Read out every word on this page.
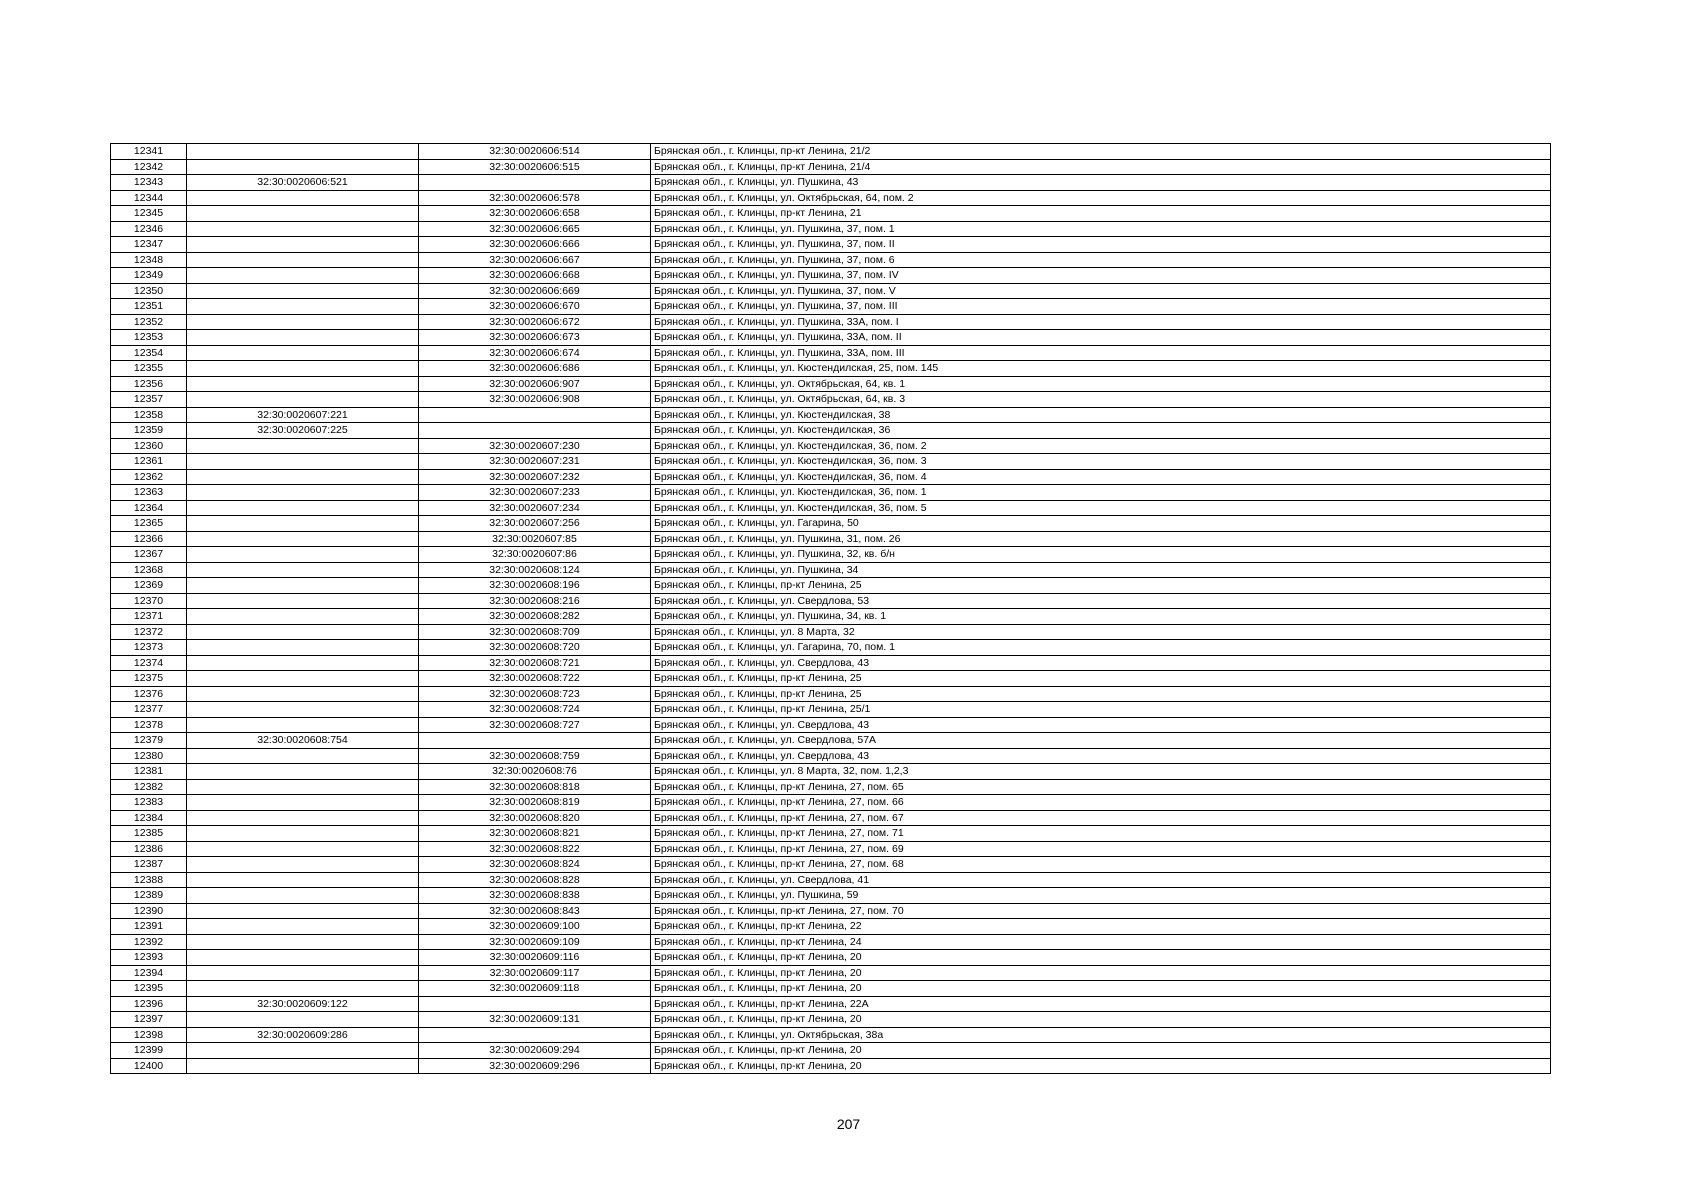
12341		32:30:0020606:514	Брянская обл., г. Клинцы, пр-кт Ленина, 21/2
12342		32:30:0020606:515	Брянская обл., г. Клинцы, пр-кт Ленина, 21/4
12343	32:30:0020606:521		Брянская обл., г. Клинцы, ул. Пушкина, 43
12344		32:30:0020606:578	Брянская обл., г. Клинцы, ул. Октябрьская, 64, пом. 2
12345		32:30:0020606:658	Брянская обл., г. Клинцы, пр-кт Ленина, 21
12346		32:30:0020606:665	Брянская обл., г. Клинцы, ул. Пушкина, 37, пом. 1
12347		32:30:0020606:666	Брянская обл., г. Клинцы, ул. Пушкина, 37, пом. II
12348		32:30:0020606:667	Брянская обл., г. Клинцы, ул. Пушкина, 37, пом. 6
12349		32:30:0020606:668	Брянская обл., г. Клинцы, ул. Пушкина, 37, пом. IV
12350		32:30:0020606:669	Брянская обл., г. Клинцы, ул. Пушкина, 37, пом. V
12351		32:30:0020606:670	Брянская обл., г. Клинцы, ул. Пушкина, 37, пом. III
12352		32:30:0020606:672	Брянская обл., г. Клинцы, ул. Пушкина, 33А, пом. I
12353		32:30:0020606:673	Брянская обл., г. Клинцы, ул. Пушкина, 33А, пом. II
12354		32:30:0020606:674	Брянская обл., г. Клинцы, ул. Пушкина, 33А, пом. III
12355		32:30:0020606:686	Брянская обл., г. Клинцы, ул. Кюстендилская, 25, пом. 145
12356		32:30:0020606:907	Брянская обл., г. Клинцы, ул. Октябрьская, 64, кв. 1
12357		32:30:0020606:908	Брянская обл., г. Клинцы, ул. Октябрьская, 64, кв. 3
12358	32:30:0020607:221		Брянская обл., г. Клинцы, ул. Кюстендилская, 38
12359	32:30:0020607:225		Брянская обл., г. Клинцы, ул. Кюстендилская, 36
12360		32:30:0020607:230	Брянская обл., г. Клинцы, ул. Кюстендилская, 36, пом. 2
12361		32:30:0020607:231	Брянская обл., г. Клинцы, ул. Кюстендилская, 36, пом. 3
12362		32:30:0020607:232	Брянская обл., г. Клинцы, ул. Кюстендилская, 36, пом. 4
12363		32:30:0020607:233	Брянская обл., г. Клинцы, ул. Кюстендилская, 36, пом. 1
12364		32:30:0020607:234	Брянская обл., г. Клинцы, ул. Кюстендилская, 36, пом. 5
12365		32:30:0020607:256	Брянская обл., г. Клинцы, ул. Гагарина, 50
12366		32:30:0020607:85	Брянская обл., г. Клинцы, ул. Пушкина, 31, пом. 26
12367		32:30:0020607:86	Брянская обл., г. Клинцы, ул. Пушкина, 32, кв. б/н
12368		32:30:0020608:124	Брянская обл., г. Клинцы, ул. Пушкина, 34
12369		32:30:0020608:196	Брянская обл., г. Клинцы, пр-кт Ленина, 25
12370		32:30:0020608:216	Брянская обл., г. Клинцы, ул. Свердлова, 53
12371		32:30:0020608:282	Брянская обл., г. Клинцы, ул. Пушкина, 34, кв. 1
12372		32:30:0020608:709	Брянская обл., г. Клинцы, ул. 8 Марта, 32
12373		32:30:0020608:720	Брянская обл., г. Клинцы, ул. Гагарина, 70, пом. 1
12374		32:30:0020608:721	Брянская обл., г. Клинцы, ул. Свердлова, 43
12375		32:30:0020608:722	Брянская обл., г. Клинцы, пр-кт Ленина, 25
12376		32:30:0020608:723	Брянская обл., г. Клинцы, пр-кт Ленина, 25
12377		32:30:0020608:724	Брянская обл., г. Клинцы, пр-кт Ленина, 25/1
12378		32:30:0020608:727	Брянская обл., г. Клинцы, ул. Свердлова, 43
12379	32:30:0020608:754		Брянская обл., г. Клинцы, ул. Свердлова, 57А
12380		32:30:0020608:759	Брянская обл., г. Клинцы, ул. Свердлова, 43
12381		32:30:0020608:76	Брянская обл., г. Клинцы, ул. 8 Марта, 32, пом. 1,2,3
12382		32:30:0020608:818	Брянская обл., г. Клинцы, пр-кт Ленина, 27, пом. 65
12383		32:30:0020608:819	Брянская обл., г. Клинцы, пр-кт Ленина, 27, пом. 66
12384		32:30:0020608:820	Брянская обл., г. Клинцы, пр-кт Ленина, 27, пом. 67
12385		32:30:0020608:821	Брянская обл., г. Клинцы, пр-кт Ленина, 27, пом. 71
12386		32:30:0020608:822	Брянская обл., г. Клинцы, пр-кт Ленина, 27, пом. 69
12387		32:30:0020608:824	Брянская обл., г. Клинцы, пр-кт Ленина, 27, пом. 68
12388		32:30:0020608:828	Брянская обл., г. Клинцы, ул. Свердлова, 41
12389		32:30:0020608:838	Брянская обл., г. Клинцы, ул. Пушкина, 59
12390		32:30:0020608:843	Брянская обл., г. Клинцы, пр-кт Ленина, 27, пом. 70
12391		32:30:0020609:100	Брянская обл., г. Клинцы, пр-кт Ленина, 22
12392		32:30:0020609:109	Брянская обл., г. Клинцы, пр-кт Ленина, 24
12393		32:30:0020609:116	Брянская обл., г. Клинцы, пр-кт Ленина, 20
12394		32:30:0020609:117	Брянская обл., г. Клинцы, пр-кт Ленина, 20
12395		32:30:0020609:118	Брянская обл., г. Клинцы, пр-кт Ленина, 20
12396	32:30:0020609:122		Брянская обл., г. Клинцы, пр-кт Ленина, 22А
12397		32:30:0020609:131	Брянская обл., г. Клинцы, пр-кт Ленина, 20
12398	32:30:0020609:286		Брянская обл., г. Клинцы, ул. Октябрьская, 38а
12399		32:30:0020609:294	Брянская обл., г. Клинцы, пр-кт Ленина, 20
12400		32:30:0020609:296	Брянская обл., г. Клинцы, пр-кт Ленина, 20
207
